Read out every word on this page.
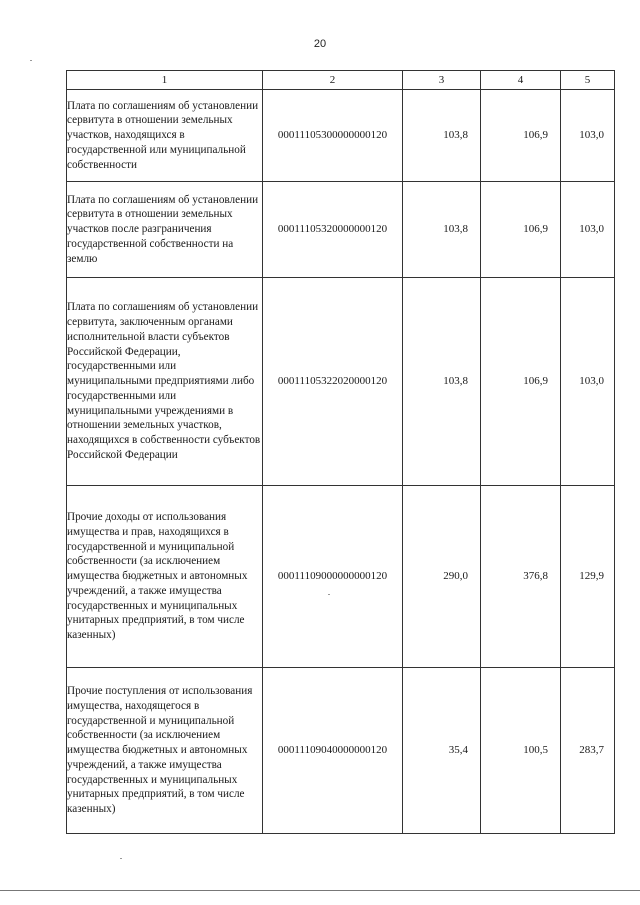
20
1	2	3	4	5
Плата по соглашениям об установлении сервитута в отношении земельных участков, находящихся в государственной или муниципальной собственности	00011105300000000120	103,8	106,9	103,0
Плата по соглашениям об установлении сервитута в отношении земельных участков после разграничения государственной собственности на землю	00011105320000000120	103,8	106,9	103,0
Плата по соглашениям об установлении сервитута, заключенным органами исполнительной власти субъектов Российской Федерации, государственными или муниципальными предприятиями либо государственными или муниципальными учреждениями в отношении земельных участков, находящихся в собственности субъектов Российской Федерации	00011105322020000120	103,8	106,9	103,0
Прочие доходы от использования имущества и прав, находящихся в государственной и муниципальной собственности (за исключением имущества бюджетных и автономных учреждений, а также имущества государственных и муниципальных унитарных предприятий, в том числе казенных)	00011109000000000120	290,0	376,8	129,9
Прочие поступления от использования имущества, находящегося в государственной и муниципальной собственности (за исключением имущества бюджетных и автономных учреждений, а также имущества государственных и муниципальных унитарных предприятий, в том числе казенных)	00011109040000000120	35,4	100,5	283,7
